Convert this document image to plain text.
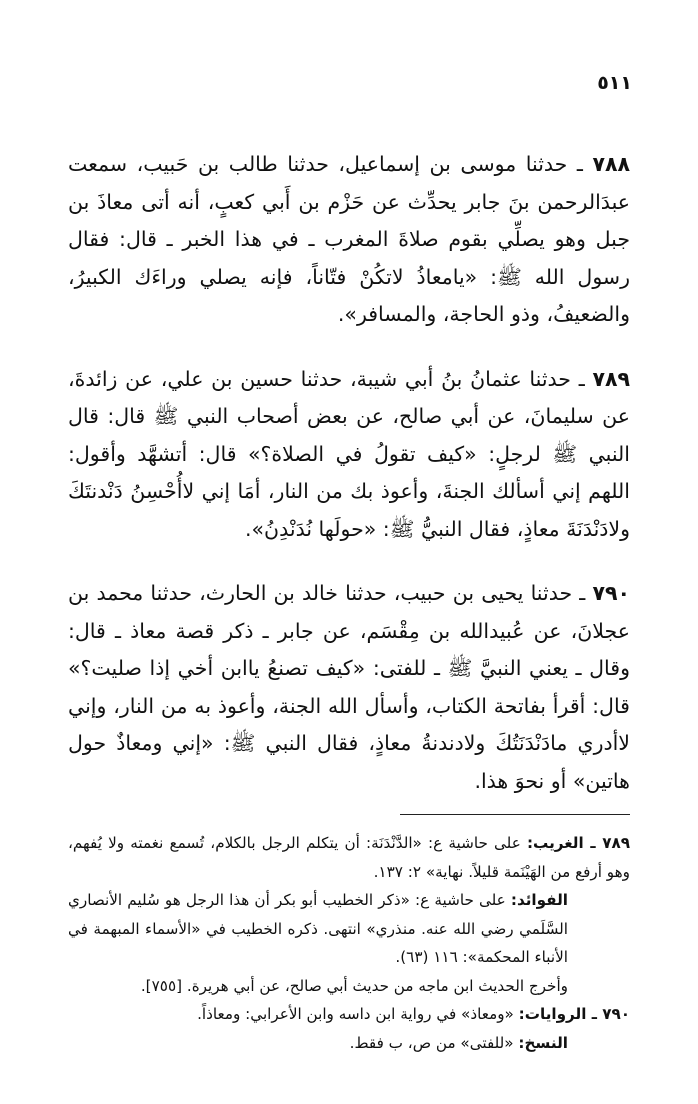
٥١١

٧٨٨ ـ حدثنا موسى بن إسماعيل، حدثنا طالب بن حَبيب، سمعت عبدَالرحمن بنَ جابر يحدِّث عن حَزْم بن أَبي كعبٍ، أنه أتى معاذَ بن جبل وهو يصلِّي بقوم صلاةَ المغرب ـ في هذا الخبر ـ قال: فقال رسول الله ﷺ: «يامعاذُ لاتكُنْ فتّاناً، فإنه يصلي وراءَك الكبيرُ، والضعيفُ، وذو الحاجة، والمسافر».

٧٨٩ ـ حدثنا عثمانُ بنُ أبي شيبة، حدثنا حسين بن علي، عن زائدةَ، عن سليمانَ، عن أبي صالح، عن بعض أصحاب النبي ﷺ قال: قال النبي ﷺ لرجلٍ: «كيف تقولُ في الصلاة؟» قال: أتشهَّد وأقول: اللهم إني أسألك الجنةَ، وأعوذ بك من النار، أمَا إني لاأُحْسِنُ دَنْدنتَكَ ولادَنْدَنَةَ معاذٍ، فقال النبيُّ ﷺ: «حولَها نُدَنْدِنُ».

٧٩٠ ـ حدثنا يحيى بن حبيب، حدثنا خالد بن الحارث، حدثنا محمد بن عجلانَ، عن عُبيدالله بن مِقْسَم، عن جابر ـ ذكر قصة معاذ ـ قال: وقال ـ يعني النبيَّ ﷺ ـ للفتى: «كيف تصنعُ ياابن أخي إذا صليت؟» قال: أقرأ بفاتحة الكتاب، وأسأل الله الجنة، وأعوذ به من النار، وإني لاأدري مادَنْدَنَتُكَ ولادندنةُ معاذٍ، فقال النبي ﷺ: «إني ومعاذٌ حول هاتين» أو نحوَ هذا.

٧٨٩ ـ الغريب: على حاشية ع: «الدَّنْدَنَة: أن يتكلم الرجل بالكلام، تُسمع نغمته ولا يُفهم، وهو أرفع من الهَيْنَمة قليلاً. نهاية» ٢: ١٣٧.

الفوائد: على حاشية ع: «ذكر الخطيب أبو بكر أن هذا الرجل هو سُليم الأنصاري السَّلَمي رضي الله عنه. منذري» انتهى. ذكره الخطيب في «الأسماء المبهمة في الأنباء المحكمة»: ١١٦ (٦٣).

وأخرج الحديث ابن ماجه من حديث أبي صالح، عن أبي هريرة. [٧٥٥].

٧٩٠ ـ الروايات: «ومعاذ» في رواية ابن داسه وابن الأعرابي: ومعاذاً.

النسخ: «للفتى» من ص، ب فقط.
